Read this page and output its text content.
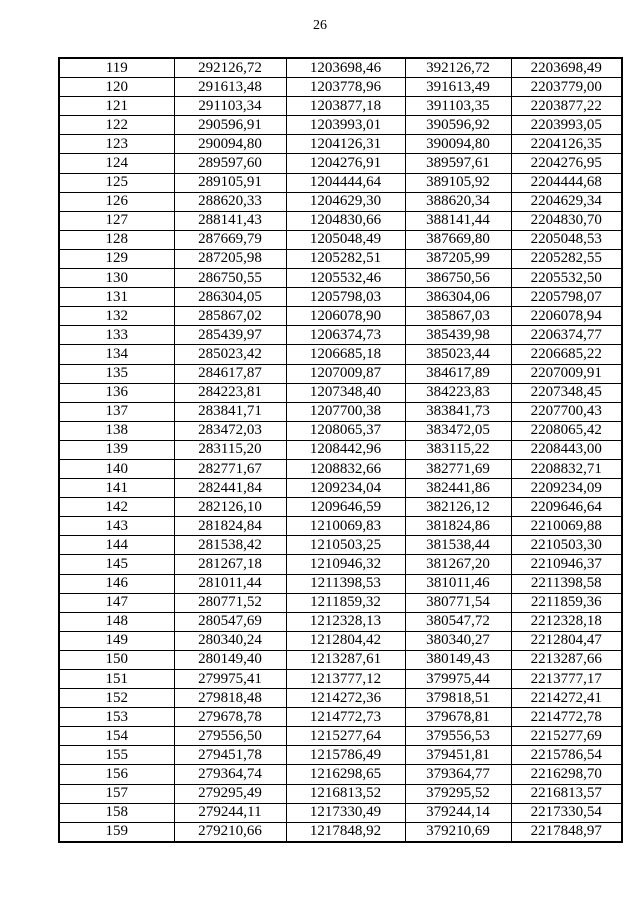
26
119	292126,72	1203698,46	392126,72	2203698,49
120	291613,48	1203778,96	391613,49	2203779,00
121	291103,34	1203877,18	391103,35	2203877,22
122	290596,91	1203993,01	390596,92	2203993,05
123	290094,80	1204126,31	390094,80	2204126,35
124	289597,60	1204276,91	389597,61	2204276,95
125	289105,91	1204444,64	389105,92	2204444,68
126	288620,33	1204629,30	388620,34	2204629,34
127	288141,43	1204830,66	388141,44	2204830,70
128	287669,79	1205048,49	387669,80	2205048,53
129	287205,98	1205282,51	387205,99	2205282,55
130	286750,55	1205532,46	386750,56	2205532,50
131	286304,05	1205798,03	386304,06	2205798,07
132	285867,02	1206078,90	385867,03	2206078,94
133	285439,97	1206374,73	385439,98	2206374,77
134	285023,42	1206685,18	385023,44	2206685,22
135	284617,87	1207009,87	384617,89	2207009,91
136	284223,81	1207348,40	384223,83	2207348,45
137	283841,71	1207700,38	383841,73	2207700,43
138	283472,03	1208065,37	383472,05	2208065,42
139	283115,20	1208442,96	383115,22	2208443,00
140	282771,67	1208832,66	382771,69	2208832,71
141	282441,84	1209234,04	382441,86	2209234,09
142	282126,10	1209646,59	382126,12	2209646,64
143	281824,84	1210069,83	381824,86	2210069,88
144	281538,42	1210503,25	381538,44	2210503,30
145	281267,18	1210946,32	381267,20	2210946,37
146	281011,44	1211398,53	381011,46	2211398,58
147	280771,52	1211859,32	380771,54	2211859,36
148	280547,69	1212328,13	380547,72	2212328,18
149	280340,24	1212804,42	380340,27	2212804,47
150	280149,40	1213287,61	380149,43	2213287,66
151	279975,41	1213777,12	379975,44	2213777,17
152	279818,48	1214272,36	379818,51	2214272,41
153	279678,78	1214772,73	379678,81	2214772,78
154	279556,50	1215277,64	379556,53	2215277,69
155	279451,78	1215786,49	379451,81	2215786,54
156	279364,74	1216298,65	379364,77	2216298,70
157	279295,49	1216813,52	379295,52	2216813,57
158	279244,11	1217330,49	379244,14	2217330,54
159	279210,66	1217848,92	379210,69	2217848,97
